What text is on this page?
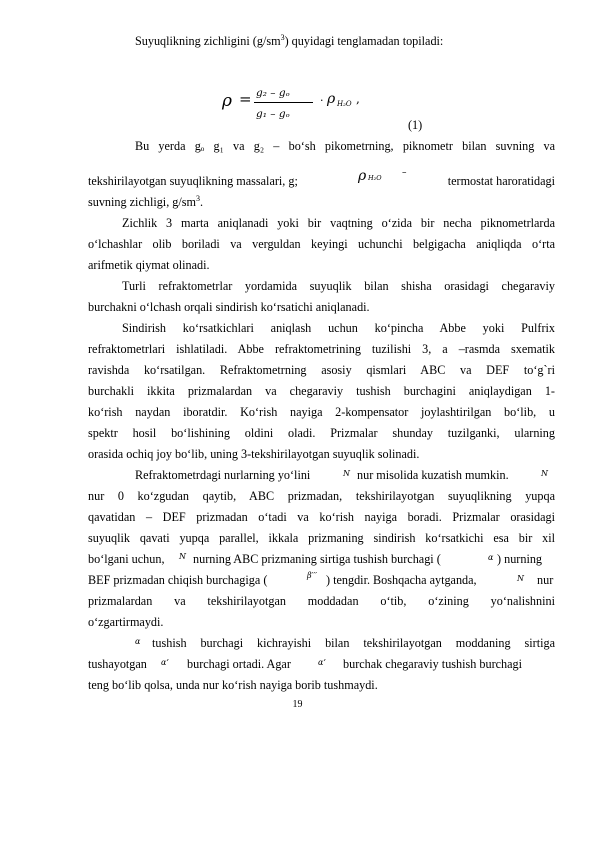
Suyuqlikning zichligini $(g/sm^3)$ quyidagi tenglamadan topiladi:
ρ = g₂ – gₒ
g₁ – gₒ
· ρ H₂O ,
(1)
Bu yerda gₒ g₁ va g₂ – bo‘sh pikometrning, piknometr bilan suvning va
tekshirilayotgan suyuqlikning massalari, g;	ρ H₂O –
termostat haroratidagi
suvning zichligi, $g/sm^3$.
Zichlik 3 marta aniqlanadi yoki bir vaqtning o‘zida bir necha piknometrlarda
o‘lchashlar olib boriladi va verguldan keyingi uchunchi belgigacha aniqliqda o‘rta
arifmetik qiymat olinadi.
Turli refraktometrlar yordamida suyuqlik bilan shisha orasidagi chegaraviy
burchakni o‘lchash orqali sindirish ko‘rsatichi aniqlanadi.
Sindirish ko‘rsatkichlari aniqlash uchun ko‘pincha Abbe yoki Pulfrix
refraktometrlari ishlatiladi. Abbe refraktometrining tuzilishi 3, a –rasmda sxematik
ravishda ko‘rsatilgan. Refraktometrning asosiy qismlari ABC va DEF to‘g`ri
burchakli ikkita prizmalardan va chegaraviy tushish burchagini aniqlaydigan 1-
ko‘rish naydan iboratdir. Ko‘rish nayiga 2-kompensator joylashtirilgan bo‘lib, u
spektr hosil bo‘lishining oldini oladi. Prizmalar shunday tuzilganki, ularning
orasida ochiq joy bo‘lib, uning 3-tekshirilayotgan suyuqlik solinadi.
Refraktometrdagi nurlarning yo‘lini	N nur misolida kuzatish mumkin.	N
nur 0 ko‘zgudan qaytib, ABC prizmadan, tekshirilayotgan suyuqlikning yupqa
qavatidan – DEF prizmadan o‘tadi va ko‘rish nayiga boradi. Prizmalar orasidagi
suyuqlik qavati yupqa parallel, ikkala prizmaning sindirish ko‘rsatkichi esa bir xil
bo‘lgani uchun, N nurning ABC prizmaning sirtiga tushish burchagi (	α ) nurning
BEF prizmadan chiqish burchagiga (	β′′′ ) tengdir. Boshqacha aytganda,	N nur
prizmalardan va tekshirilayotgan moddadan o‘tib, o‘zining yo‘nalishnini
o‘zgartirmaydi.
α tushish burchagi kichrayishi bilan tekshirilayotgan moddaning sirtiga
tushayotgan α’ burchagi ortadi. Agar	α’ burchak chegaraviy tushish burchagi
teng bo‘lib qolsa, unda nur ko‘rish nayiga borib tushmaydi.
19
